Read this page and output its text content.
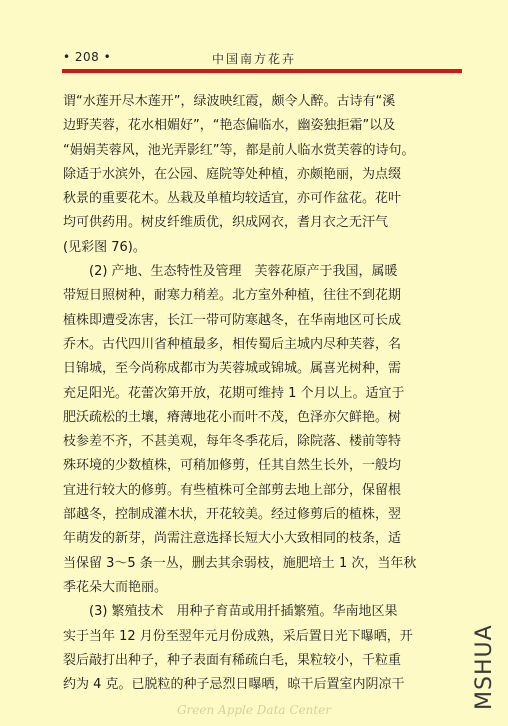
• 208 •	中国南方花卉
谓“水莲开尽木莲开”，绿波映红霞，颇令人醉。古诗有“溪
边野芙蓉，花水相媚好”，“艳态偏临水，幽姿独拒霜”以及
“娟娟芙蓉风，池光弄影红”等，都是前人临水赏芙蓉的诗句。
除适于水滨外，在公园、庭院等处种植，亦颇艳丽，为点缀
秋景的重要花木。丛栽及单植均较适宜，亦可作盆花。花叶
均可供药用。树皮纤维质优，织成网衣，耆月衣之无汗气
(见彩图 76)。
(2) 产地、生态特性及管理　芙蓉花原产于我国，属暖
带短日照树种，耐寒力稍差。北方室外种植，往往不到花期
植株即遭受冻害，长江一带可防寒越冬，在华南地区可长成
乔木。古代四川省种植最多，相传蜀后主城内尽种芙蓉，名
日锦城，至今尚称成都市为芙蓉城或锦城。属喜光树种，需
充足阳光。花蕾次第开放，花期可维持 1 个月以上。适宜于
肥沃疏松的土壤，瘠薄地花小而叶不茂，色泽亦欠鲜艳。树
枝参差不齐，不甚美观，每年冬季花后，除院落、楼前等特
殊环境的少数植株，可稍加修剪，任其自然生长外，一般均
宜进行较大的修剪。有些植株可全部剪去地上部分，保留根
部越冬，控制成灌木状，开花较美。经过修剪后的植株，翌
年萌发的新芽，尚需注意选择长短大小大致相同的枝条，适
当保留 3～5 条一丛，删去其余弱枝，施肥培土 1 次，当年秋
季花朵大而艳丽。
(3) 繁殖技术　用种子育苗或用扦插繁殖。华南地区果
实于当年 12 月份至翌年元月份成熟，采后置日光下曝晒，开
裂后敲打出种子，种子表面有稀疏白毛，果粒较小，千粒重
约为 4 克。已脱粒的种子忌烈日曝晒，晾干后置室内阴凉干	MSHUA
Green Apple Data Center
